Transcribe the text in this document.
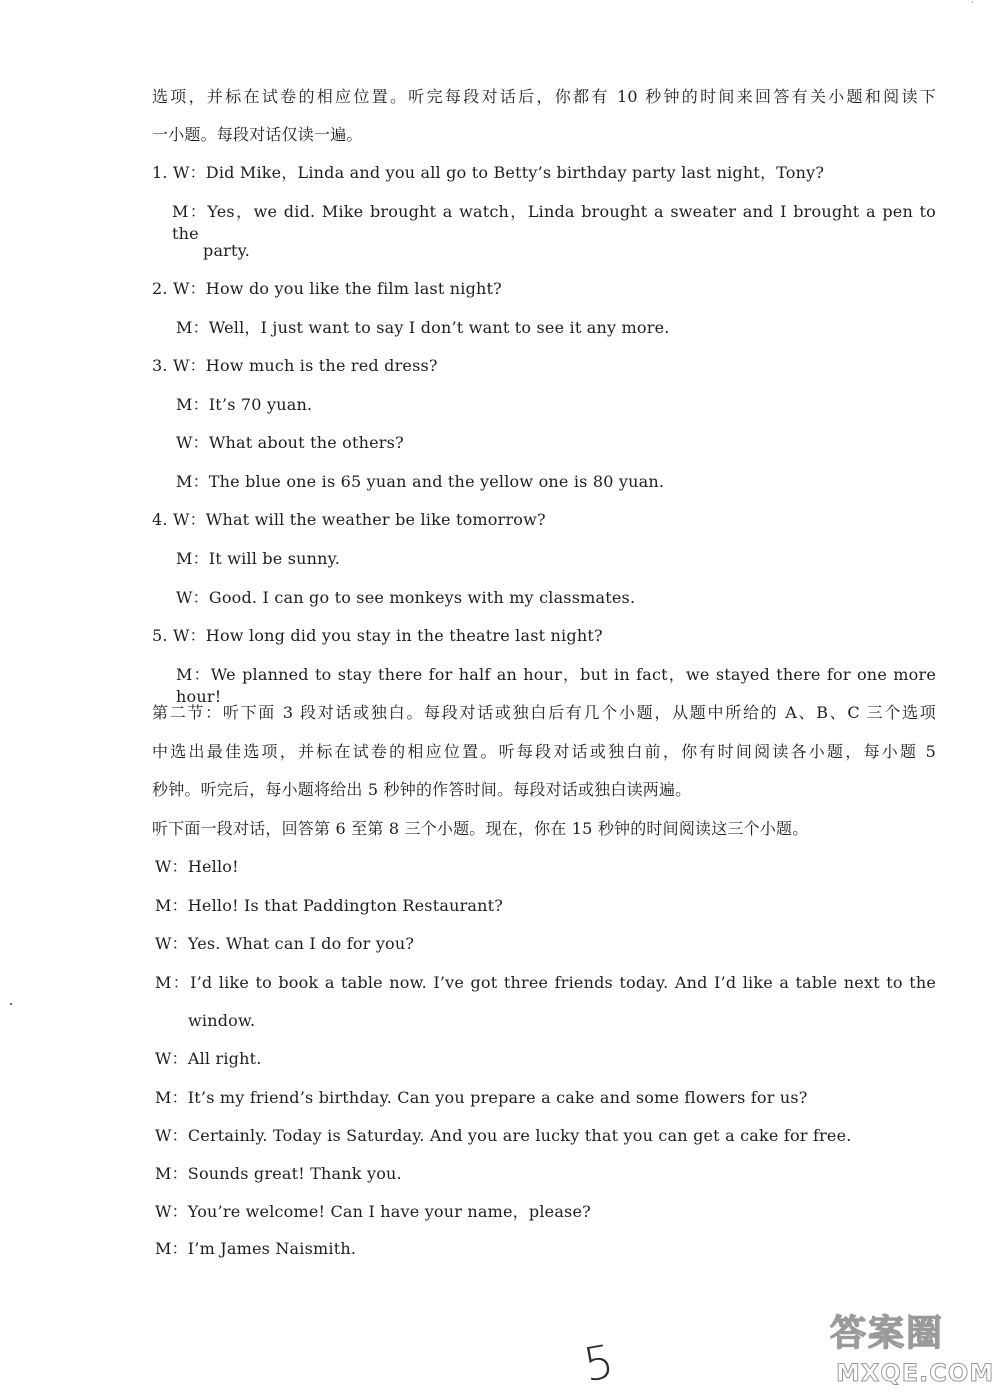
˙
选项，并标在试卷的相应位置。听完每段对话后，你都有 10 秒钟的时间来回答有关小题和阅读下
一小题。每段对话仅读一遍。
1. W：Did Mike，Linda and you all go to Betty’s birthday party last night，Tony?
M：Yes，we did. Mike brought a watch，Linda brought a sweater and I brought a pen to the
party.
2. W：How do you like the film last night?
M：Well，I just want to say I don’t want to see it any more.
3. W：How much is the red dress?
M：It’s 70 yuan.
W：What about the others?
M：The blue one is 65 yuan and the yellow one is 80 yuan.
4. W：What will the weather be like tomorrow?
M：It will be sunny.
W：Good. I can go to see monkeys with my classmates.
5. W：How long did you stay in the theatre last night?
M：We planned to stay there for half an hour，but in fact，we stayed there for one more hour!
第二节：听下面 3 段对话或独白。每段对话或独白后有几个小题，从题中所给的 A、B、C 三个选项
中选出最佳选项，并标在试卷的相应位置。听每段对话或独白前，你有时间阅读各小题，每小题 5
秒钟。听完后，每小题将给出 5 秒钟的作答时间。每段对话或独白读两遍。
听下面一段对话，回答第 6 至第 8 三个小题。现在，你在 15 秒钟的时间阅读这三个小题。
W：Hello!
M：Hello! Is that Paddington Restaurant?
W：Yes. What can I do for you?
M：I’d like to book a table now. I’ve got three friends today. And I’d like a table next to the
window.
W：All right.
M：It’s my friend’s birthday. Can you prepare a cake and some flowers for us?
W：Certainly. Today is Saturday. And you are lucky that you can get a cake for free.
M：Sounds great! Thank you.
W：You’re welcome! Can I have your name，please?
M：I’m James Naismith.
5
答案圈
MXQE.COM
